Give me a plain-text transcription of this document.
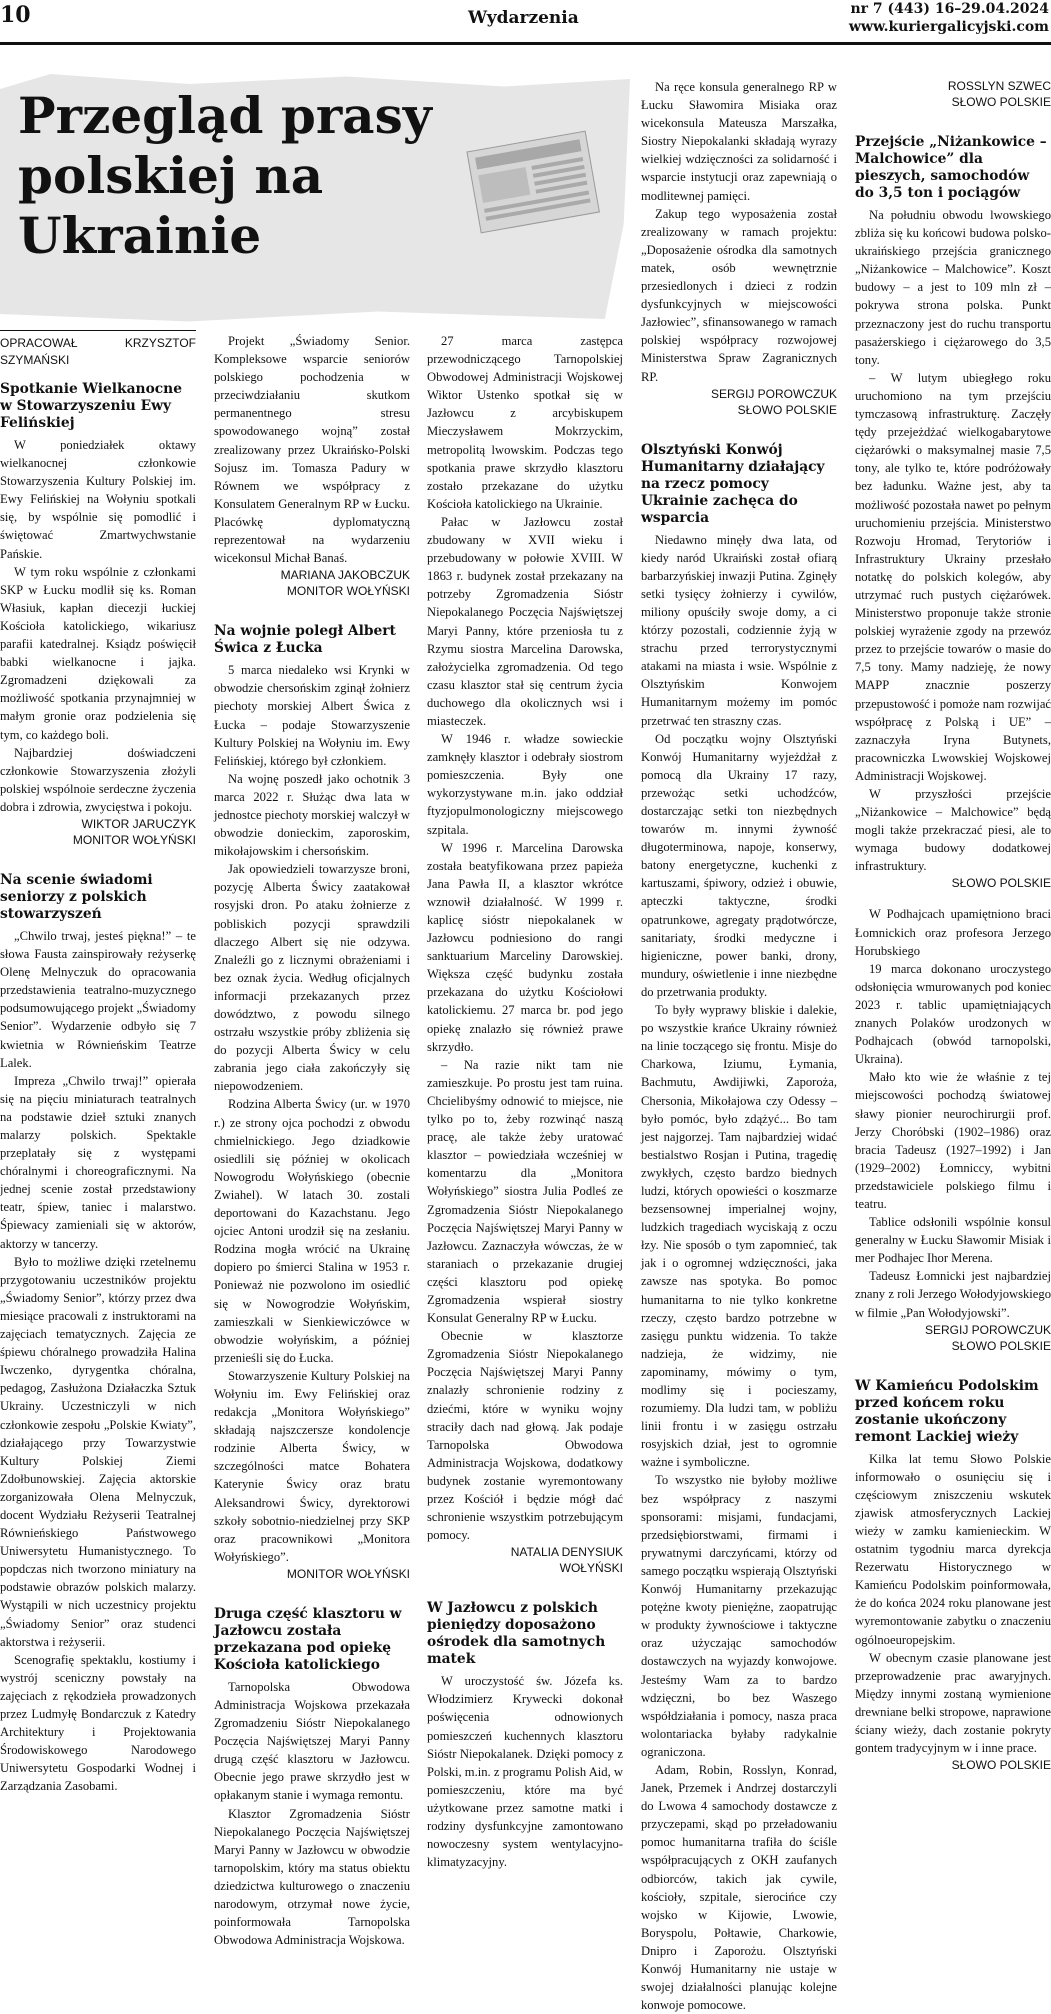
10	Wydarzenia	nr 7 (443) 16–29.04.2024
www.kuriergalicyjski.com
Przegląd prasy polskiej na Ukrainie
OPRACOWAŁ KRZYSZTOF SZYMAŃSKI
Spotkanie Wielkanocne w Stowarzyszeniu Ewy Felińskiej

W poniedziałek oktawy wielkanocnej członkowie Stowarzyszenia Kultury Polskiej im. Ewy Felińskiej na Wołyniu spotkali się, by wspólnie się pomodlić i świętować Zmartwychwstanie Pańskie.

W tym roku wspólnie z członkami SKP w Łucku modlił się ks. Roman Własiuk, kapłan diecezji łuckiej Kościoła katolickiego, wikariusz parafii katedralnej. Ksiądz poświęcił babki wielkanocne i jajka. Zgromadzeni dziękowali za możliwość spotkania przynajmniej w małym gronie oraz podzielenia się tym, co każdego boli.

Najbardziej doświadczeni członkowie Stowarzyszenia złożyli polskiej wspólnoie serdeczne życzenia dobra i zdrowia, zwycięstwa i pokoju.

WIKTOR JARUCZYK
MONITOR WOŁYŃSKI
Na scenie świadomi seniorzy z polskich stowarzyszeń

„Chwilo trwaj, jesteś piękna!” – te słowa Fausta zainspirowały reżyserkę Olenę Melnyczuk do opracowania przedstawienia teatralno-muzycznego podsumowującego projekt „Świadomy Senior”. Wydarzenie odbyło się 7 kwietnia w Równieńskim Teatrze Lalek.

Impreza „Chwilo trwaj!” opierała się na pięciu miniaturach teatralnych na podstawie dzieł sztuki znanych malarzy polskich. Spektakle przeplatały się z występami chóralnymi i choreograficznymi. Na jednej scenie został przedstawiony teatr, śpiew, taniec i malarstwo. Śpiewacy zamieniali się w aktorów, aktorzy w tancerzy.

Było to możliwe dzięki rzetelnemu przygotowaniu uczestników projektu „Świadomy Senior”, którzy przez dwa miesiące pracowali z instruktorami na zajęciach tematycznych. Zajęcia ze śpiewu chóralnego prowadziła Halina Iwczenko, dyrygentka chóralna, pedagog, Zasłużona Działaczka Sztuk Ukrainy. Uczestniczyli w nich członkowie zespołu „Polskie Kwiaty”, działającego przy Towarzystwie Kultury Polskiej Ziemi Zdołbunowskiej. Zajęcia aktorskie zorganizowała Olena Melnyczuk, docent Wydziału Reżyserii Teatralnej Równieńskiego Państwowego Uniwersytetu Humanistycznego. To popdczas nich tworzono miniatury na podstawie obrazów polskich malarzy. Wystąpili w nich uczestnicy projektu „Świadomy Senior” oraz studenci aktorstwa i reżyserii.

Scenografię spektaklu, kostiumy i wystrój sceniczny powstały na zajęciach z rękodzieła prowadzonych przez Ludmyłę Bondarczuk z Katedry Architektury i Projektowania Środowiskowego Narodowego Uniwersytetu Gospodarki Wodnej i Zarządzania Zasobami.

Projekt „Świadomy Senior. Kompleksowe wsparcie seniorów polskiego pochodzenia w przeciwdziałaniu skutkom permanentnego stresu spowodowanego wojną” został zrealizowany przez Ukraińsko-Polski Sojusz im. Tomasza Padury w Równem we współpracy z Konsulatem Generalnym RP w Łucku. Placówkę dyplomatyczną reprezentował na wydarzeniu wicekonsul Michał Banaś.

MARIANA JAKOBCZUK
MONITOR WOŁYŃSKI
Na wojnie poległ Albert Świca z Łucka

5 marca niedaleko wsi Krynki w obwodzie chersońskim zginął żołnierz piechoty morskiej Albert Świca z Łucka – podaje Stowarzyszenie Kultury Polskiej na Wołyniu im. Ewy Felińskiej, którego był członkiem.

Na wojnę poszedł jako ochotnik 3 marca 2022 r. Służąc dwa lata w jednostce piechoty morskiej walczył w obwodzie donieckim, zaporoskim, mikołajowskim i chersońskim.

Jak opowiedzieli towarzysze broni, pozycję Alberta Świcy zaatakował rosyjski dron. Po ataku żołnierze z pobliskich pozycji sprawdzili dlaczego Albert się nie odzywa. Znaleźli go z licznymi obrażeniami i bez oznak życia. Według oficjalnych informacji przekazanych przez dowództwo, z powodu silnego ostrzału wszystkie próby zbliżenia się do pozycji Alberta Świcy w celu zabrania jego ciała zakończyły się niepowodzeniem.

Rodzina Alberta Świcy (ur. w 1970 r.) ze strony ojca pochodzi z obwodu chmielnickiego. Jego dziadkowie osiedlili się później w okolicach Nowogrodu Wołyńskiego (obecnie Zwiahel). W latach 30. zostali deportowani do Kazachstanu. Jego ojciec Antoni urodził się na zesłaniu. Rodzina mogła wrócić na Ukrainę dopiero po śmierci Stalina w 1953 r. Ponieważ nie pozwolono im osiedlić się w Nowogrodzie Wołyńskim, zamieszkali w Sienkiewiczówce w obwodzie wołyńskim, a później przenieśli się do Łucka.

Stowarzyszenie Kultury Polskiej na Wołyniu im. Ewy Felińskiej oraz redakcja „Monitora Wołyńskiego” składają najszczersze kondolencje rodzinie Alberta Świcy, w szczególności matce Bohatera Katerynie Świcy oraz bratu Aleksandrowi Świcy, dyrektorowi szkoły sobotnio-niedzielnej przy SKP oraz pracownikowi „Monitora Wołyńskiego”.

MONITOR WOŁYŃSKI
Druga część klasztoru w Jazłowcu została przekazana pod opiekę Kościoła katolickiego

Tarnopolska Obwodowa Administracja Wojskowa przekazała Zgromadzeniu Sióstr Niepokalanego Poczęcia Najświętszej Maryi Panny drugą część klasztoru w Jazłowcu. Obecnie jego prawe skrzydło jest w opłakanym stanie i wymaga remontu.

Klasztor Zgromadzenia Sióstr Niepokalanego Poczęcia Najświętszej Maryi Panny w Jazłowcu w obwodzie tarnopolskim, który ma status obiektu dziedzictwa kulturowego o znaczeniu narodowym, otrzymał nowe życie, poinformowała Tarnopolska Obwodowa Administracja Wojskowa.

27 marca zastępca przewodniczącego Tarnopolskiej Obwodowej Administracji Wojskowej Wiktor Ustenko spotkał się w Jazłowcu z arcybiskupem Mieczysławem Mokrzyckim, metropolitą lwowskim. Podczas tego spotkania prawe skrzydło klasztoru zostało przekazane do użytku Kościoła katolickiego na Ukrainie.

Pałac w Jazłowcu został zbudowany w XVII wieku i przebudowany w połowie XVIII. W 1863 r. budynek został przekazany na potrzeby Zgromadzenia Sióstr Niepokalanego Poczęcia Najświętszej Maryi Panny, które przeniosła tu z Rzymu siostra Marcelina Darowska, założycielka zgromadzenia. Od tego czasu klasztor stał się centrum życia duchowego dla okolicznych wsi i miasteczek.

W 1946 r. władze sowieckie zamknęły klasztor i odebrały siostrom pomieszczenia. Były one wykorzystywane m.in. jako oddział ftyzjopulmonologiczny miejscowego szpitala.

W 1996 r. Marcelina Darowska została beatyfikowana przez papieża Jana Pawła II, a klasztor wkrótce wznowił działalność. W 1999 r. kaplicę sióstr niepokalanek w Jazłowcu podniesiono do rangi sanktuarium Marceliny Darowskiej. Większa część budynku została przekazana do użytku Kościołowi katolickiemu. 27 marca br. pod jego opiekę znalazło się również prawe skrzydło.

– Na razie nikt tam nie zamieszkuje. Po prostu jest tam ruina. Chcielibyśmy odnowić to miejsce, nie tylko po to, żeby rozwinąć naszą pracę, ale także żeby uratować klasztor – powiedziała wcześniej w komentarzu dla „Monitora Wołyńskiego” siostra Julia Podleś ze Zgromadzenia Sióstr Niepokalanego Poczęcia Najświętszej Maryi Panny w Jazłowcu. Zaznaczyła wówczas, że w staraniach o przekazanie drugiej części klasztoru pod opiekę Zgromadzenia wspierał siostry Konsulat Generalny RP w Łucku.

Obecnie w klasztorze Zgromadzenia Sióstr Niepokalanego Poczęcia Najświętszej Maryi Panny znalazły schronienie rodziny z dziećmi, które w wyniku wojny straciły dach nad głową. Jak podaje Tarnopolska Obwodowa Administracja Wojskowa, dodatkowy budynek zostanie wyremontowany przez Kościół i będzie mógł dać schronienie wszystkim potrzebującym pomocy.

NATALIA DENYSIUK
WOŁYŃSKI
W Jazłowcu z polskich pieniędzy doposażono ośrodek dla samotnych matek

W uroczystość św. Józefa ks. Włodzimierz Krywecki dokonał poświęcenia odnowionych pomieszczeń kuchennych klasztoru Sióstr Niepokalanek. Dzięki pomocy z Polski, m.in. z programu Polish Aid, w pomieszczeniu, które ma być użytkowane przez samotne matki i rodziny dysfunkcyjne zamontowano nowoczesny system wentylacyjno-klimatyzacyjny.

Na ręce konsula generalnego RP w Łucku Sławomira Misiaka oraz wicekonsula Mateusza Marszałka, Siostry Niepokalanki składają wyrazy wielkiej wdzięczności za solidarność i wsparcie instytucji oraz zapewniają o modlitewnej pamięci.

Zakup tego wyposażenia został zrealizowany w ramach projektu: „Doposażenie ośrodka dla samotnych matek, osób wewnętrznie przesiedlonych i dzieci z rodzin dysfunkcyjnych w miejscowości Jazłowiec”, sfinansowanego w ramach polskiej współpracy rozwojowej Ministerstwa Spraw Zagranicznych RP.

SERGIJ POROWCZUK
SŁOWO POLSKIE
Olsztyński Konwój Humanitarny działający na rzecz pomocy Ukrainie zachęca do wsparcia

Niedawno minęły dwa lata, od kiedy naród Ukraiński został ofiarą barbarzyńskiej inwazji Putina. Zginęły setki tysięcy żołnierzy i cywilów, miliony opuściły swoje domy, a ci którzy pozostali, codziennie żyją w strachu przed terrorystycznymi atakami na miasta i wsie. Wspólnie z Olsztyńskim Konwojem Humanitarnym możemy im pomóc przetrwać ten straszny czas.

Od początku wojny Olsztyński Konwój Humanitarny wyjeżdżał z pomocą dla Ukrainy 17 razy, przewożąc setki uchodźców, dostarczając setki ton niezbędnych towarów m. innymi żywność długoterminowa, napoje, konserwy, batony energetyczne, kuchenki z kartuszami, śpiwory, odzież i obuwie, apteczki taktyczne, środki opatrunkowe, agregaty prądotwórcze, sanitariaty, środki medyczne i higieniczne, power banki, drony, mundury, oświetlenie i inne niezbędne do przetrwania produkty.

To były wyprawy bliskie i dalekie, po wszystkie krańce Ukrainy również na linie toczącego się frontu. Misje do Charkowa, Iziumu, Łymania, Bachmutu, Awdijiwki, Zaporoża, Chersonia, Mikołajowa czy Odessy – było pomóc, było zdążyć... Bo tam jest najgorzej. Tam najbardziej widać bestialstwo Rosjan i Putina, tragedię zwykłych, często bardzo biednych ludzi, których opowieści o koszmarze bezsensownej imperialnej wojny, ludzkich tragediach wyciskają z oczu łzy. Nie sposób o tym zapomnieć, tak jak i o ogromnej wdzięczności, jaka zawsze nas spotyka. Bo pomoc humanitarna to nie tylko konkretne rzeczy, często bardzo potrzebne w zasięgu punktu widzenia. To także nadzieja, że widzimy, nie zapominamy, mówimy o tym, modlimy się i pocieszamy, rozumiemy. Dla ludzi tam, w pobliżu linii frontu i w zasięgu ostrzału rosyjskich dział, jest to ogromnie ważne i symboliczne.

To wszystko nie byłoby możliwe bez współpracy z naszymi sponsorami: misjami, fundacjami, przedsiębiorstwami, firmami i prywatnymi darczyńcami, którzy od samego początku wspierają Olsztyński Konwój Humanitarny przekazując potężne kwoty pieniężne, zaopatrując w produkty żywnościowe i taktyczne oraz użyczając samochodów dostawczych na wyjazdy konwojowe. Jesteśmy Wam za to bardzo wdzięczni, bo bez Waszego współdziałania i pomocy, nasza praca wolontariacka byłaby radykalnie ograniczona.

Adam, Robin, Rosslyn, Konrad, Janek, Przemek i Andrzej dostarczyli do Lwowa 4 samochody dostawcze z przyczepami, skąd po przeładowaniu pomoc humanitarna trafiła do ściśle współpracujących z OKH zaufanych odbiorców, takich jak cywile, kościoły, szpitale, sierocińce czy wojsko w Kijowie, Lwowie, Boryspolu, Połtawie, Charkowie, Dnipro i Zaporożu. Olsztyński Konwój Humanitarny nie ustaje w swojej działalności planując kolejne konwoje pomocowe.

ROSSLYN SZWEC
SŁOWO POLSKIE
Przejście „Niżankowice – Malchowice” dla pieszych, samochodów do 3,5 ton i pociągów

Na południu obwodu lwowskiego zbliża się ku końcowi budowa polsko-ukraińskiego przejścia granicznego „Niżankowice – Malchowice”. Koszt budowy – a jest to 109 mln zł – pokrywa strona polska. Punkt przeznaczony jest do ruchu transportu pasażerskiego i ciężarowego do 3,5 tony.

– W lutym ubiegłego roku uruchomiono na tym przejściu tymczasową infrastrukturę. Zaczęły tędy przejeżdżać wielkogabarytowe ciężarówki o maksymalnej masie 7,5 tony, ale tylko te, które podróżowały bez ładunku. Ważne jest, aby ta możliwość pozostała nawet po pełnym uruchomieniu przejścia. Ministerstwo Rozwoju Hromad, Terytoriów i Infrastruktury Ukrainy przesłało notatkę do polskich kolegów, aby utrzymać ruch pustych ciężarówek. Ministerstwo proponuje także stronie polskiej wyrażenie zgody na przewóz przez to przejście towarów o masie do 7,5 tony. Mamy nadzieję, że nowy MAPP znacznie poszerzy przepustowość i pomoże nam rozwijać współpracę z Polską i UE” – zaznaczyła Iryna Butynets, pracowniczka Lwowskiej Wojskowej Administracji Wojskowej.

W przyszłości przejście „Niżankowice – Malchowice” będą mogli także przekraczać piesi, ale to wymaga budowy dodatkowej infrastruktury.

SŁOWO POLSKIE

W Podhajcach upamiętniono braci Łomnickich oraz profesora Jerzego Horubskiego

19 marca dokonano uroczystego odsłonięcia wmurowanych pod koniec 2023 r. tablic upamiętniających znanych Polaków urodzonych w Podhajcach (obwód tarnopolski, Ukraina).

Mało kto wie że właśnie z tej miejscowości pochodzą światowej sławy pionier neurochirurgii prof. Jerzy Chorόbski (1902–1986) oraz bracia Tadeusz (1927–1992) i Jan (1929–2002) Łomniccy, wybitni przedstawiciele polskiego filmu i teatru.

Tablice odsłonili wspólnie konsul generalny w Łucku Sławomir Misiak i mer Podhajec Ihor Merena.

Tadeusz Łomnicki jest najbardziej znany z roli Jerzego Wołodyjowskiego w filmie „Pan Wołodyjowski”.

SERGIJ POROWCZUK
SŁOWO POLSKIE
W Kamieńcu Podolskim przed końcem roku zostanie ukończony remont Lackiej wieży

Kilka lat temu Słowo Polskie informowało o osunięciu się i częściowym zniszczeniu wskutek zjawisk atmosferycznych Lackiej wieży w zamku kamienieckim. W ostatnim tygodniu marca dyrekcja Rezerwatu Historycznego w Kamieńcu Podolskim poinformowała, że do końca 2024 roku planowane jest wyremontowanie zabytku o znaczeniu ogólnoeuropejskim.

W obecnym czasie planowane jest przeprowadzenie prac awaryjnych. Między innymi zostaną wymienione drewniane belki stropowe, naprawione ściany wieży, dach zostanie pokryty gontem tradycyjnym w i inne prace.

SŁOWO POLSKIE
